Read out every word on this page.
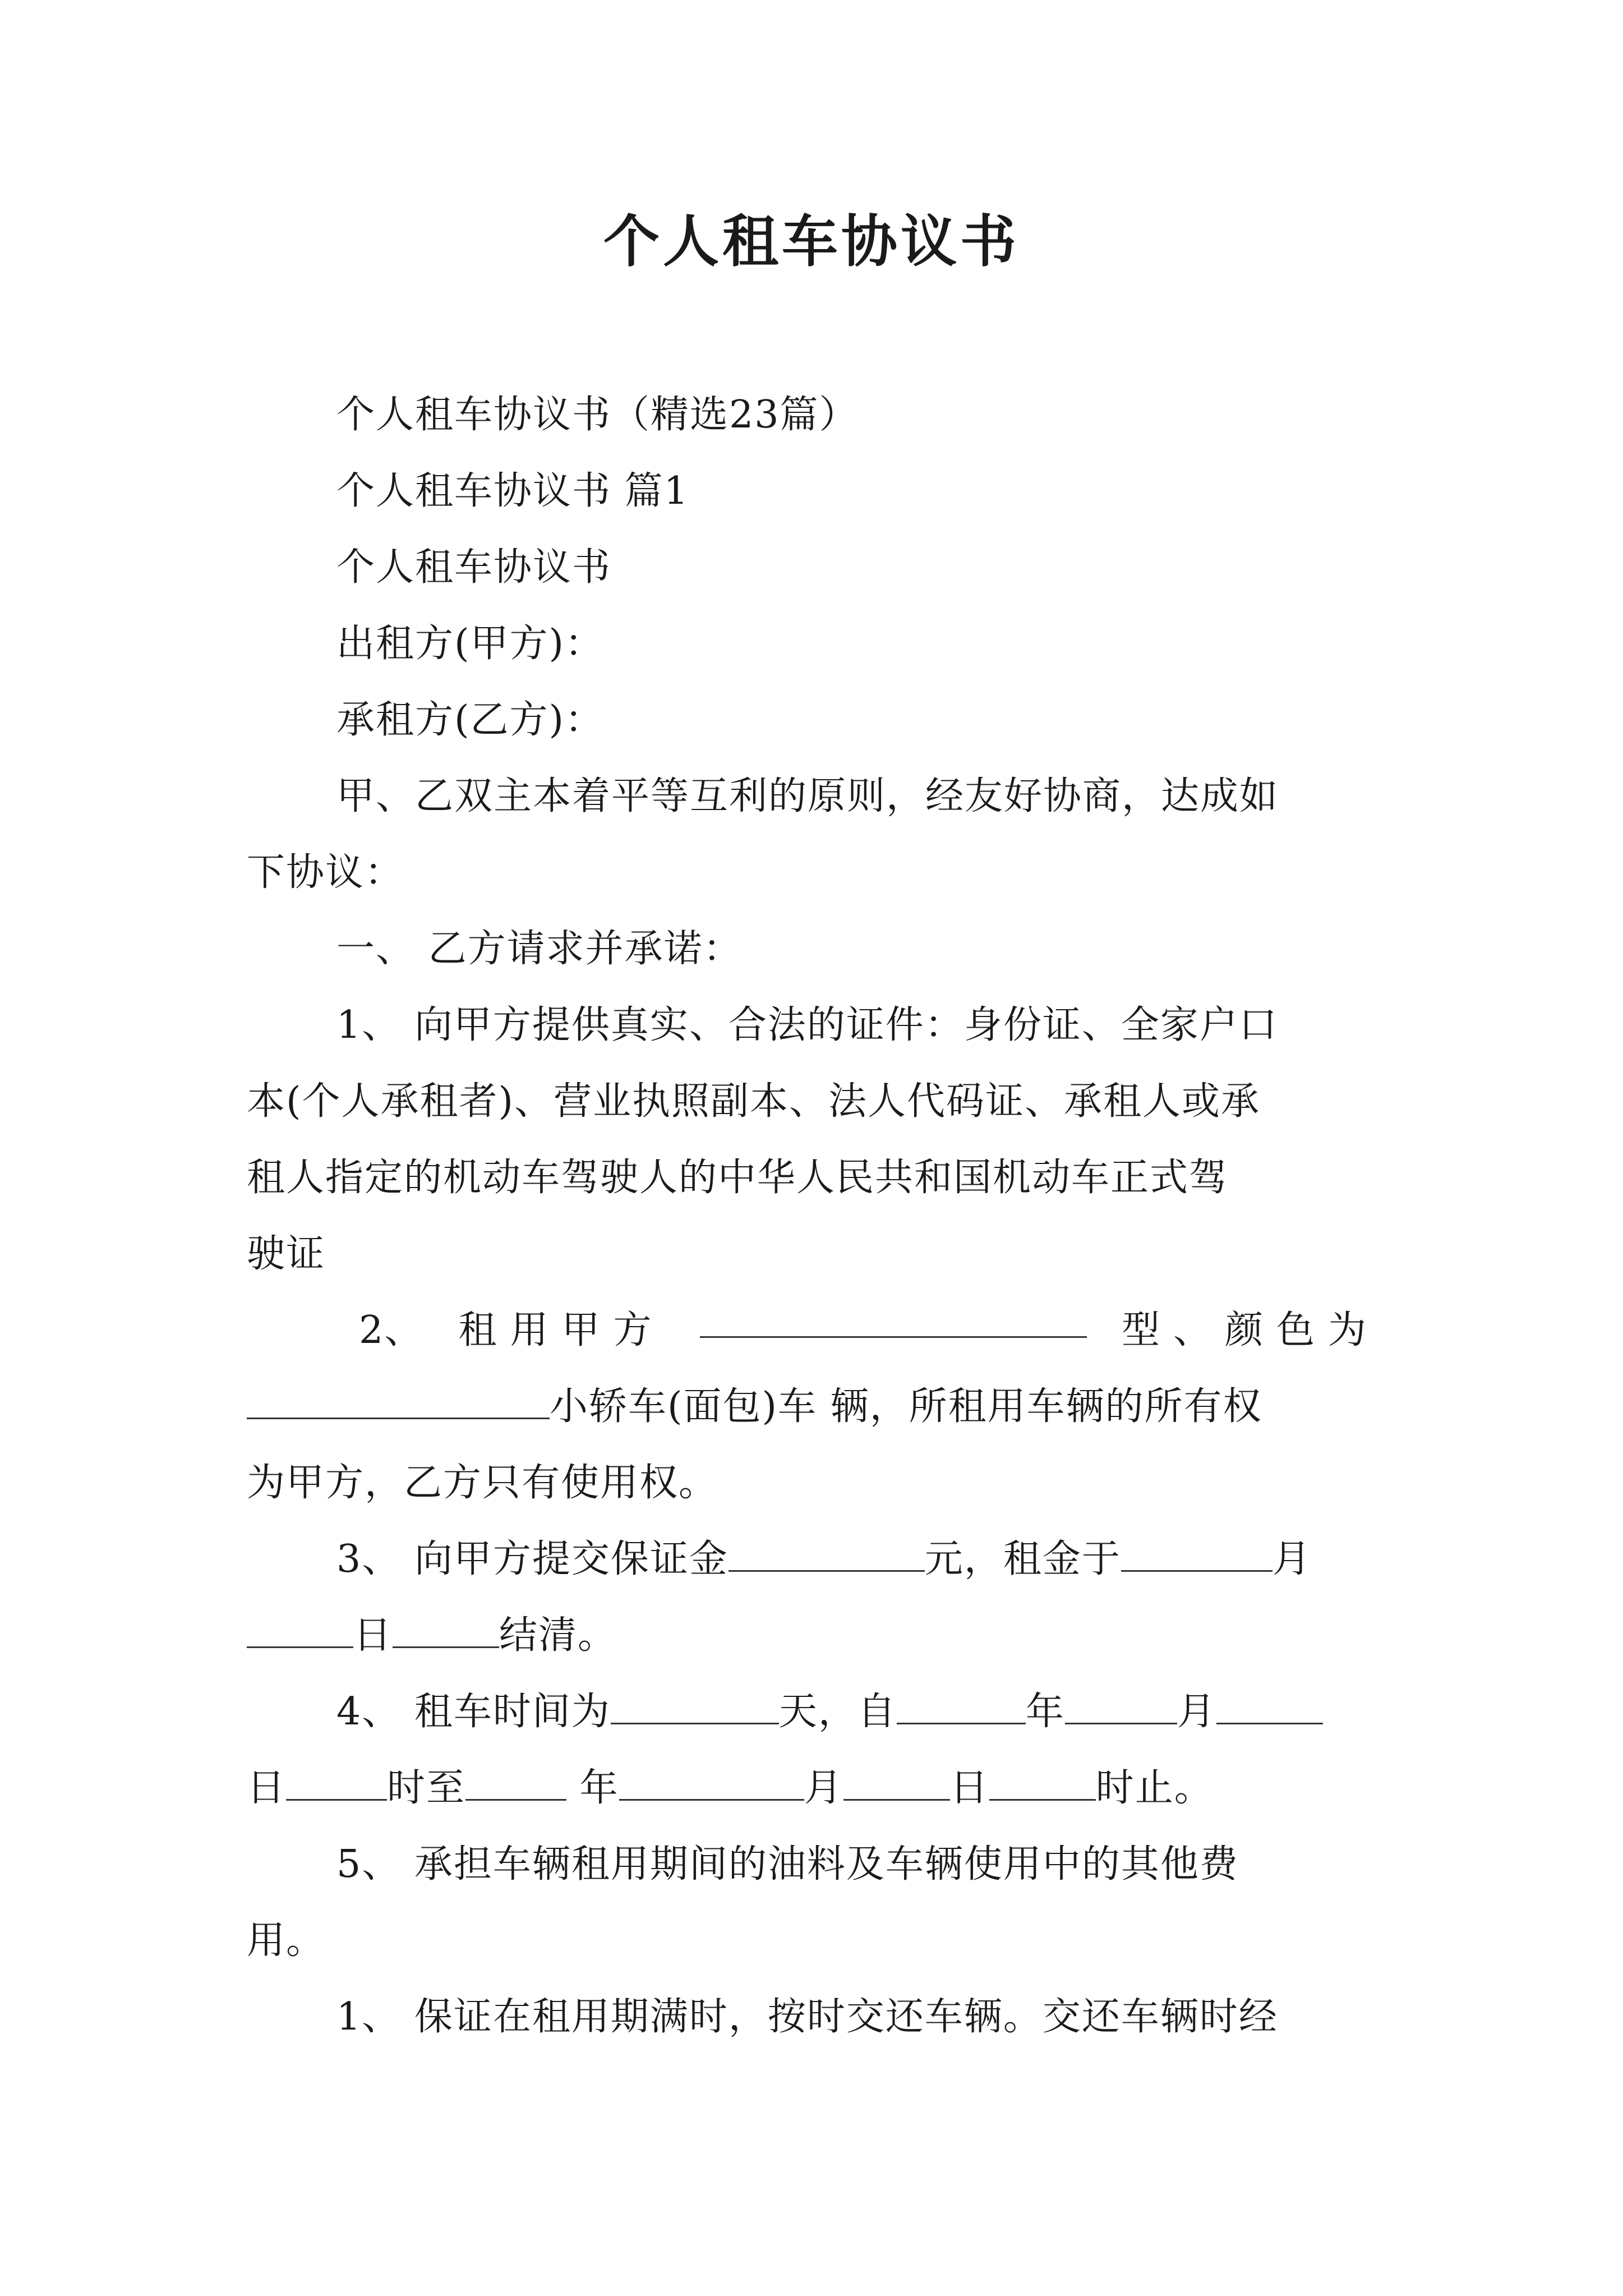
个人租车协议书
个人租车协议书（精选23篇）
个人租车协议书 篇1
个人租车协议书
出租方(甲方)：
承租方(乙方)：
甲、乙双主本着平等互利的原则，经友好协商，达成如
下协议：
一、 乙方请求并承诺：
1、 向甲方提供真实、合法的证件：身份证、全家户口
本(个人承租者)、营业执照副本、法人代码证、承租人或承
租人指定的机动车驾驶人的中华人民共和国机动车正式驾
驶证
2、 租用甲方	型、颜色为
小轿车(面包)车 辆，所租用车辆的所有权
为甲方，乙方只有使用权。
3、 向甲方提交保证金	元，租金于	月
日	结清。
4、 租车时间为	天，自	年	月
日	时至	年	月	日	时止。
5、 承担车辆租用期间的油料及车辆使用中的其他费
用。
1、 保证在租用期满时，按时交还车辆。交还车辆时经
